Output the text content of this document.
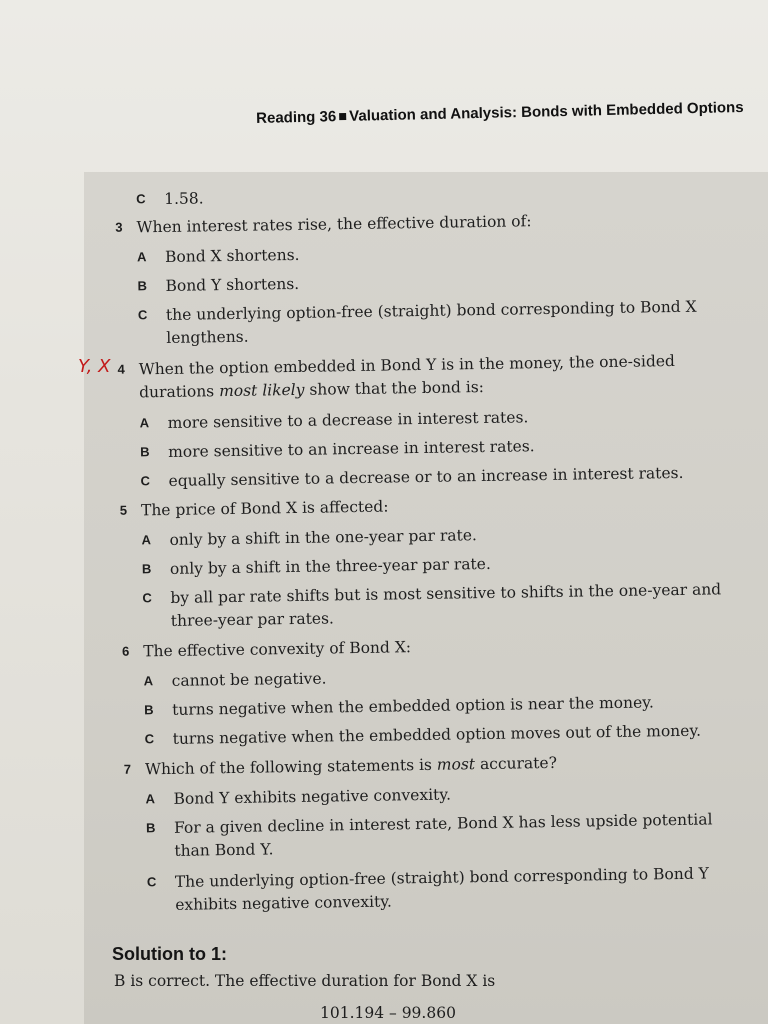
Reading 36 Valuation and Analysis: Bonds with Embedded Options
Y, X
C	1.58.
3 When interest rates rise, the effective duration of:
A	Bond X shortens.
B	Bond Y shortens.
C	the underlying option-free (straight) bond corresponding to Bond X
lengthens.
4 When the option embedded in Bond Y is in the money, the one-sided
durations most likely show that the bond is:
A	more sensitive to a decrease in interest rates.
B	more sensitive to an increase in interest rates.
C	equally sensitive to a decrease or to an increase in interest rates.
5 The price of Bond X is affected:
A	only by a shift in the one-year par rate.
B	only by a shift in the three-year par rate.
C	by all par rate shifts but is most sensitive to shifts in the one-year and
three-year par rates.
6 The effective convexity of Bond X:
A	cannot be negative.
B	turns negative when the embedded option is near the money.
C	turns negative when the embedded option moves out of the money.
7 Which of the following statements is most accurate?
A	Bond Y exhibits negative convexity.
B	For a given decline in interest rate, Bond X has less upside potential
than Bond Y.
C	The underlying option-free (straight) bond corresponding to Bond Y
exhibits negative convexity.
Solution to 1:
B is correct. The effective duration for Bond X is
101.194 – 99.860
